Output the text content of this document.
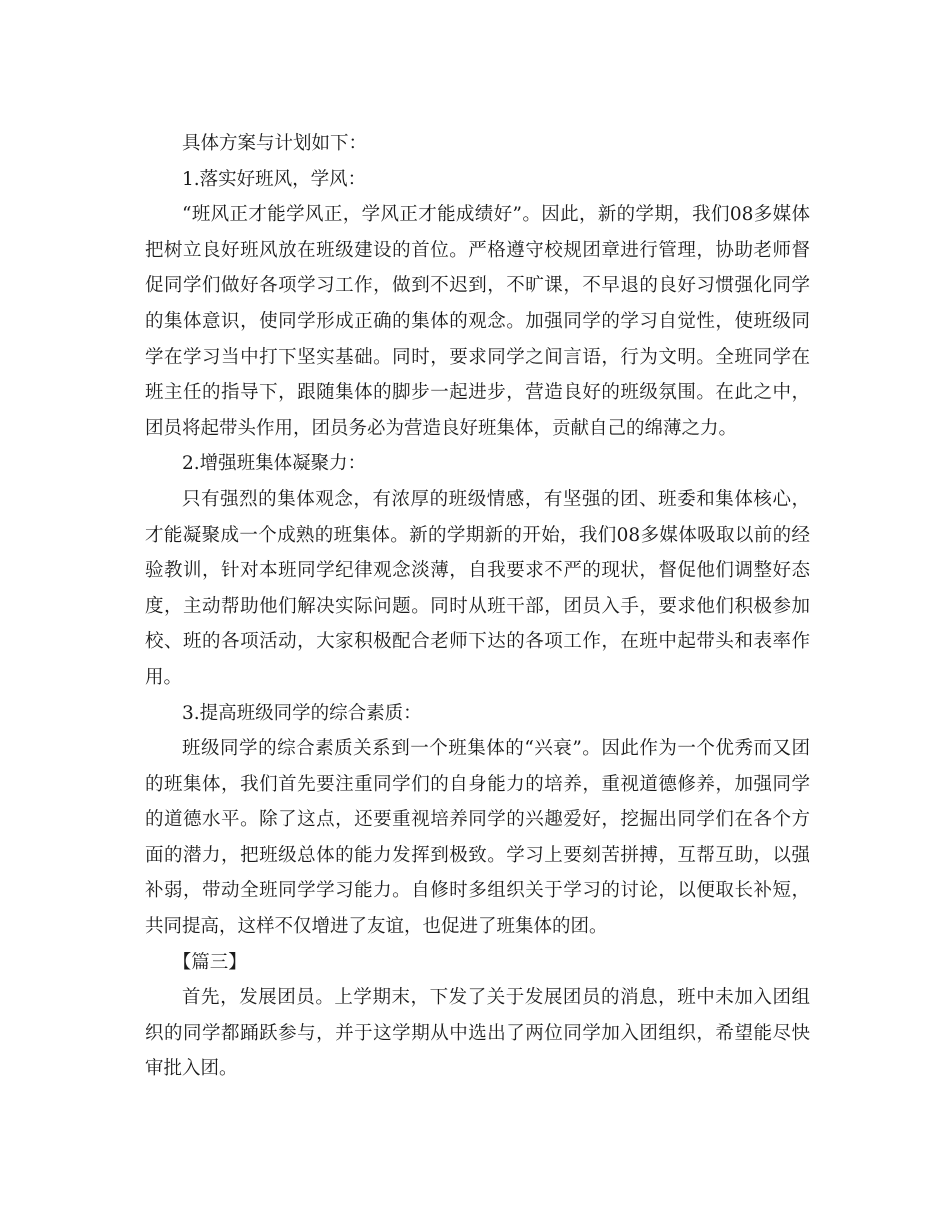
具体方案与计划如下：

1.落实好班风，学风：

“班风正才能学风正，学风正才能成绩好”。因此，新的学期，我们08多媒体把树立良好班风放在班级建设的首位。严格遵守校规团章进行管理，协助老师督促同学们做好各项学习工作，做到不迟到，不旷课，不早退的良好习惯强化同学的集体意识，使同学形成正确的集体的观念。加强同学的学习自觉性，使班级同学在学习当中打下坚实基础。同时，要求同学之间言语，行为文明。全班同学在班主任的指导下，跟随集体的脚步一起进步，营造良好的班级氛围。在此之中，团员将起带头作用，团员务必为营造良好班集体，贡献自己的绵薄之力。

2.增强班集体凝聚力：

只有强烈的集体观念，有浓厚的班级情感，有坚强的团、班委和集体核心，才能凝聚成一个成熟的班集体。新的学期新的开始，我们08多媒体吸取以前的经验教训，针对本班同学纪律观念淡薄，自我要求不严的现状，督促他们调整好态度，主动帮助他们解决实际问题。同时从班干部，团员入手，要求他们积极参加校、班的各项活动，大家积极配合老师下达的各项工作，在班中起带头和表率作用。

3.提高班级同学的综合素质：

班级同学的综合素质关系到一个班集体的“兴衰”。因此作为一个优秀而又团的班集体，我们首先要注重同学们的自身能力的培养，重视道德修养，加强同学的道德水平。除了这点，还要重视培养同学的兴趣爱好，挖掘出同学们在各个方面的潜力，把班级总体的能力发挥到极致。学习上要刻苦拼搏，互帮互助，以强补弱，带动全班同学学习能力。自修时多组织关于学习的讨论，以便取长补短，共同提高，这样不仅增进了友谊，也促进了班集体的团。

【篇三】

首先，发展团员。上学期末，下发了关于发展团员的消息，班中未加入团组织的同学都踊跃参与，并于这学期从中选出了两位同学加入团组织，希望能尽快审批入团。
